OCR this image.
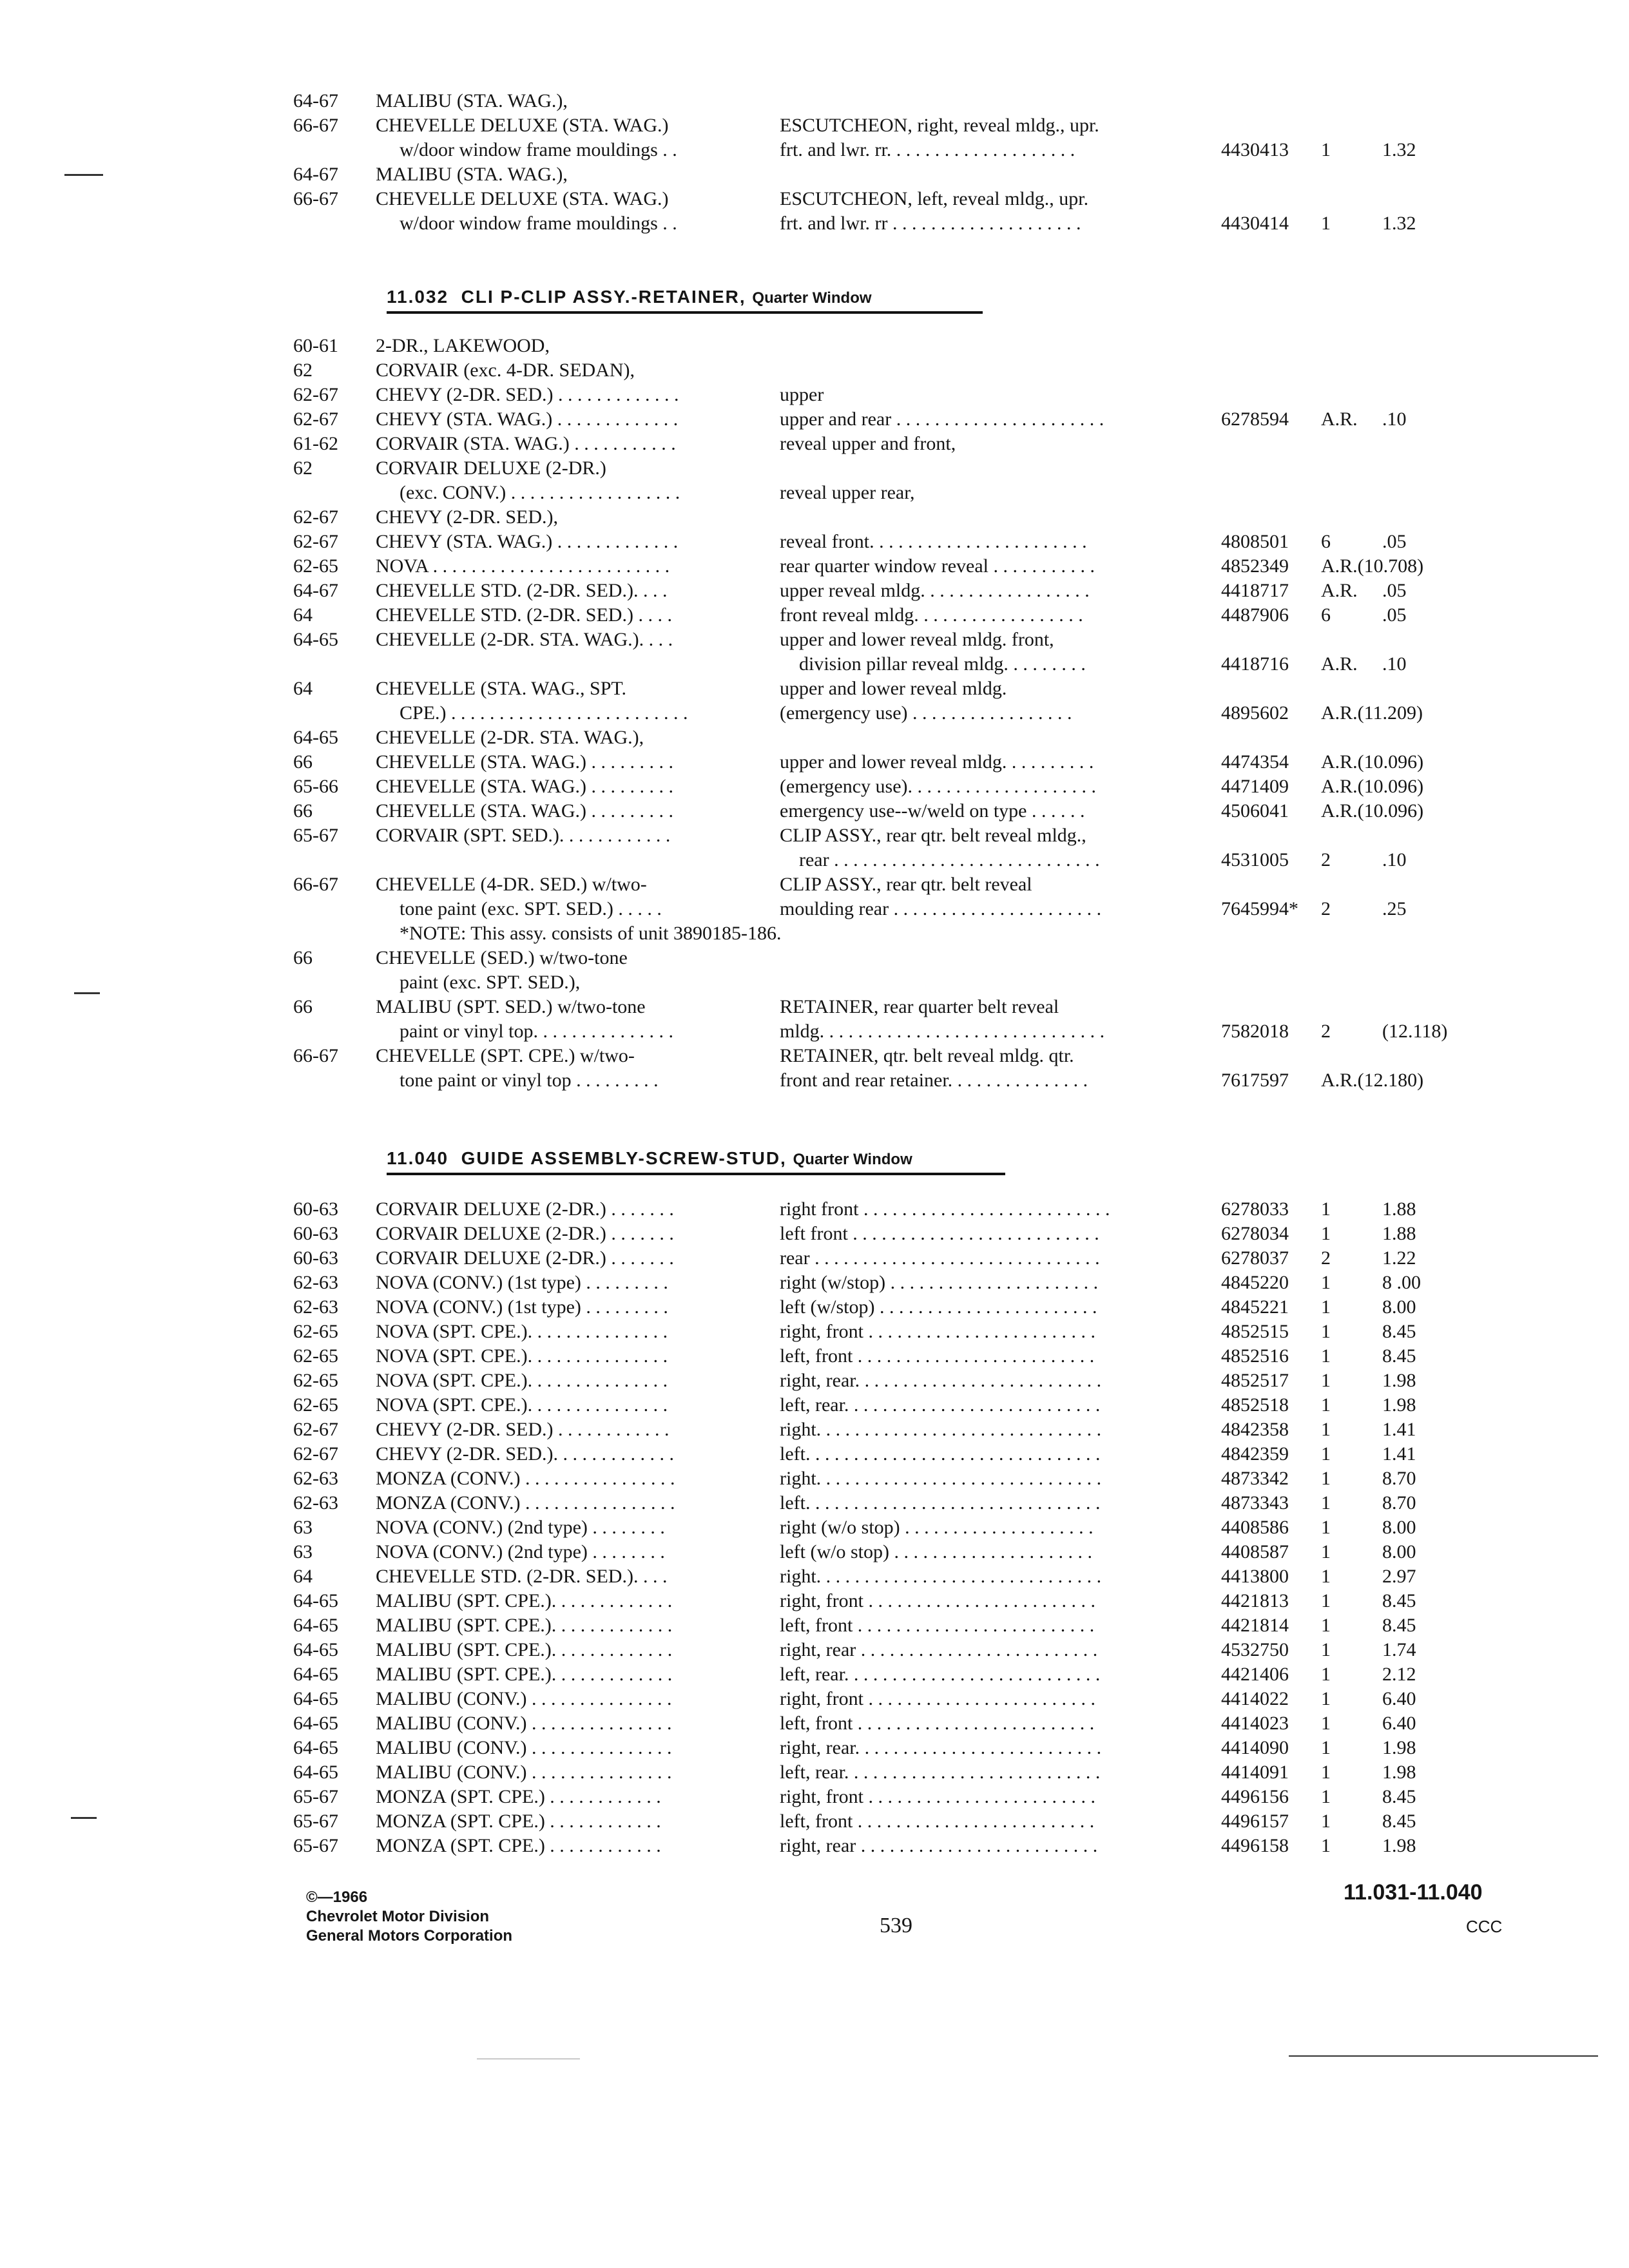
64-67 MALIBU (STA. WAG.),
66-67 CHEVELLE DELUXE (STA. WAG.)	ESCUTCHEON, right, reveal mldg., upr.
w/door window frame mouldings . .	frt. and lwr. rr. . . . . . . . . . . . . . . . . . . .	4430413 1	1.32
64-67 MALIBU (STA. WAG.),
66-67 CHEVELLE DELUXE (STA. WAG.)	ESCUTCHEON, left, reveal mldg., upr.
w/door window frame mouldings . .	frt. and lwr. rr . . . . . . . . . . . . . . . . . . . .	4430414 1	1.32
11.032  CLI P-CLIP ASSY.-RETAINER, Quarter Window
60-61 2-DR., LAKEWOOD,
62	CORVAIR (exc. 4-DR. SEDAN),
62-67 CHEVY (2-DR. SED.) . . . . . . . . . . . . .	upper
62-67 CHEVY (STA. WAG.) . . . . . . . . . . . . .	upper and rear . . . . . . . . . . . . . . . . . . . . . .	6278594 A.R. .10
61-62 CORVAIR (STA. WAG.) . . . . . . . . . . .	reveal upper and front,
62	CORVAIR DELUXE (2-DR.)
(exc. CONV.) . . . . . . . . . . . . . . . . . .	reveal upper rear,
62-67 CHEVY (2-DR. SED.),
62-67 CHEVY (STA. WAG.) . . . . . . . . . . . . .	reveal front. . . . . . . . . . . . . . . . . . . . . . .	4808501 6	.05
62-65 NOVA . . . . . . . . . . . . . . . . . . . . . . . . .	rear quarter window reveal . . . . . . . . . . .	4852349 A.R.(10.708)
64-67 CHEVELLE STD. (2-DR. SED.). . . .	upper reveal mldg. . . . . . . . . . . . . . . . . .	4418717 A.R. .05
64	CHEVELLE STD. (2-DR. SED.) . . . .	front reveal mldg. . . . . . . . . . . . . . . . . .	4487906 6	.05
64-65 CHEVELLE (2-DR. STA. WAG.). . . .	upper and lower reveal mldg. front,
division pillar reveal mldg. . . . . . . . .	4418716 A.R. .10
64	CHEVELLE (STA. WAG., SPT.	upper and lower reveal mldg.
CPE.) . . . . . . . . . . . . . . . . . . . . . . . . .	(emergency use) . . . . . . . . . . . . . . . . .	4895602 A.R.(11.209)
64-65 CHEVELLE (2-DR. STA. WAG.),
66	CHEVELLE (STA. WAG.) . . . . . . . . .	upper and lower reveal mldg. . . . . . . . . .	4474354 A.R.(10.096)
65-66 CHEVELLE (STA. WAG.) . . . . . . . . .	(emergency use). . . . . . . . . . . . . . . . . . . .	4471409 A.R.(10.096)
66	CHEVELLE (STA. WAG.) . . . . . . . . .	emergency use--w/weld on type . . . . . .	4506041 A.R.(10.096)
65-67 CORVAIR (SPT. SED.). . . . . . . . . . . .	CLIP ASSY., rear qtr. belt reveal mldg.,
rear . . . . . . . . . . . . . . . . . . . . . . . . . . . .	4531005 2	.10
66-67 CHEVELLE (4-DR. SED.) w/two-	CLIP ASSY., rear qtr. belt reveal
tone paint (exc. SPT. SED.) . . . . .	moulding rear . . . . . . . . . . . . . . . . . . . . . .	7645994* 2	.25
*NOTE: This assy. consists of unit 3890185-186.
66	CHEVELLE (SED.) w/two-tone
paint (exc. SPT. SED.),
66	MALIBU (SPT. SED.) w/two-tone	RETAINER, rear quarter belt reveal
paint or vinyl top. . . . . . . . . . . . . . .	mldg. . . . . . . . . . . . . . . . . . . . . . . . . . . . . .	7582018 2	(12.118)
66-67 CHEVELLE (SPT. CPE.) w/two-	RETAINER, qtr. belt reveal mldg. qtr.
tone paint or vinyl top . . . . . . . . .	front and rear retainer. . . . . . . . . . . . . . .	7617597 A.R.(12.180)
11.040  GUIDE ASSEMBLY-SCREW-STUD, Quarter Window
60-63 CORVAIR DELUXE (2-DR.) . . . . . . .	right front . . . . . . . . . . . . . . . . . . . . . . . . . .	6278033 1	1.88
60-63 CORVAIR DELUXE (2-DR.) . . . . . . .	left front . . . . . . . . . . . . . . . . . . . . . . . . . .	6278034 1	1.88
60-63 CORVAIR DELUXE (2-DR.) . . . . . . .	rear . . . . . . . . . . . . . . . . . . . . . . . . . . . . . .	6278037 2	1.22
62-63 NOVA (CONV.) (1st type) . . . . . . . . .	right (w/stop) . . . . . . . . . . . . . . . . . . . . . .	4845220 1	8 .00
62-63 NOVA (CONV.) (1st type) . . . . . . . . .	left (w/stop) . . . . . . . . . . . . . . . . . . . . . . .	4845221 1	8.00
62-65 NOVA (SPT. CPE.). . . . . . . . . . . . . . .	right, front . . . . . . . . . . . . . . . . . . . . . . . .	4852515 1	8.45
62-65 NOVA (SPT. CPE.). . . . . . . . . . . . . . .	left, front . . . . . . . . . . . . . . . . . . . . . . . . .	4852516 1	8.45
62-65 NOVA (SPT. CPE.). . . . . . . . . . . . . . .	right, rear. . . . . . . . . . . . . . . . . . . . . . . . . .	4852517 1	1.98
62-65 NOVA (SPT. CPE.). . . . . . . . . . . . . . .	left, rear. . . . . . . . . . . . . . . . . . . . . . . . . . .	4852518 1	1.98
62-67 CHEVY (2-DR. SED.) . . . . . . . . . . . .	right. . . . . . . . . . . . . . . . . . . . . . . . . . . . . .	4842358 1	1.41
62-67 CHEVY (2-DR. SED.). . . . . . . . . . . . .	left. . . . . . . . . . . . . . . . . . . . . . . . . . . . . . .	4842359 1	1.41
62-63 MONZA (CONV.) . . . . . . . . . . . . . . . .	right. . . . . . . . . . . . . . . . . . . . . . . . . . . . . .	4873342 1	8.70
62-63 MONZA (CONV.) . . . . . . . . . . . . . . . .	left. . . . . . . . . . . . . . . . . . . . . . . . . . . . . . .	4873343 1	8.70
63	NOVA (CONV.) (2nd type) . . . . . . . .	right (w/o stop) . . . . . . . . . . . . . . . . . . . .	4408586 1	8.00
63	NOVA (CONV.) (2nd type) . . . . . . . .	left (w/o stop) . . . . . . . . . . . . . . . . . . . . .	4408587 1	8.00
64	CHEVELLE STD. (2-DR. SED.). . . .	right. . . . . . . . . . . . . . . . . . . . . . . . . . . . . .	4413800 1	2.97
64-65 MALIBU (SPT. CPE.). . . . . . . . . . . . .	right, front . . . . . . . . . . . . . . . . . . . . . . . .	4421813 1	8.45
64-65 MALIBU (SPT. CPE.). . . . . . . . . . . . .	left, front . . . . . . . . . . . . . . . . . . . . . . . . .	4421814 1	8.45
64-65 MALIBU (SPT. CPE.). . . . . . . . . . . . .	right, rear . . . . . . . . . . . . . . . . . . . . . . . . .	4532750 1	1.74
64-65 MALIBU (SPT. CPE.). . . . . . . . . . . . .	left, rear. . . . . . . . . . . . . . . . . . . . . . . . . . .	4421406 1	2.12
64-65 MALIBU (CONV.) . . . . . . . . . . . . . . .	right, front . . . . . . . . . . . . . . . . . . . . . . . .	4414022 1	6.40
64-65 MALIBU (CONV.) . . . . . . . . . . . . . . .	left, front . . . . . . . . . . . . . . . . . . . . . . . . .	4414023 1	6.40
64-65 MALIBU (CONV.) . . . . . . . . . . . . . . .	right, rear. . . . . . . . . . . . . . . . . . . . . . . . . .	4414090 1	1.98
64-65 MALIBU (CONV.) . . . . . . . . . . . . . . .	left, rear. . . . . . . . . . . . . . . . . . . . . . . . . . .	4414091 1	1.98
65-67 MONZA (SPT. CPE.) . . . . . . . . . . . .	right, front . . . . . . . . . . . . . . . . . . . . . . . .	4496156 1	8.45
65-67 MONZA (SPT. CPE.) . . . . . . . . . . . .	left, front . . . . . . . . . . . . . . . . . . . . . . . . .	4496157 1	8.45
65-67 MONZA (SPT. CPE.) . . . . . . . . . . . .	right, rear . . . . . . . . . . . . . . . . . . . . . . . . .	4496158 1	1.98
©—1966
Chevrolet Motor Division
General Motors Corporation	539
11.031-11.040
CCC
